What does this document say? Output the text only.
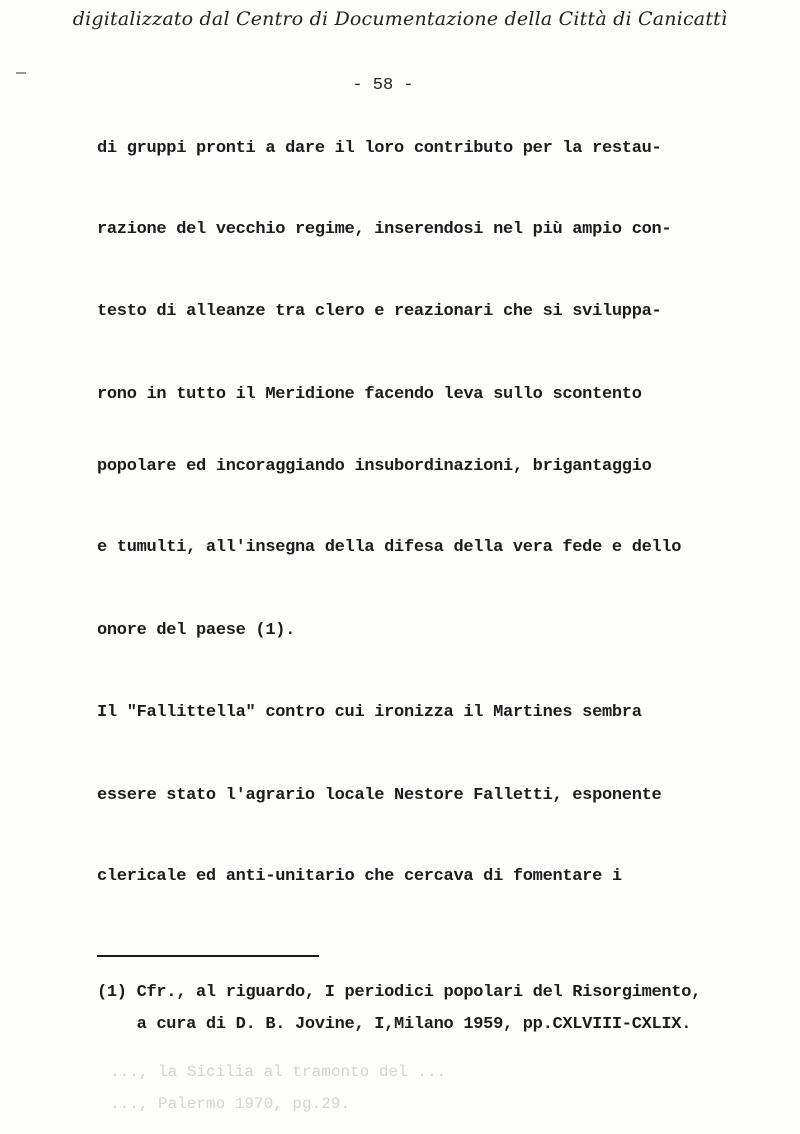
digitalizzato dal Centro di Documentazione della Città di Canicattì
- 58 -
..., la Sicilia al tramonto del ...
..., Palermo 1970, pg.29.
di gruppi pronti a dare il loro contributo per la restau-
razione del vecchio regime, inserendosi nel più ampio con-
testo di alleanze tra clero e reazionari che si sviluppa-
rono in tutto il Meridione facendo leva sullo scontento
popolare ed incoraggiando insubordinazioni, brigantaggio
e tumulti, all'insegna della difesa della vera fede e dello
onore del paese (1).
Il "Fallittella" contro cui ironizza il Martines sembra
essere stato l'agrario locale Nestore Falletti, esponente
clericale ed anti-unitario che cercava di fomentare i
(1) Cfr., al riguardo, I periodici popolari del Risorgimento,
a cura di D. B. Jovine, I,Milano 1959, pp.CXLVIII-CXLIX.
